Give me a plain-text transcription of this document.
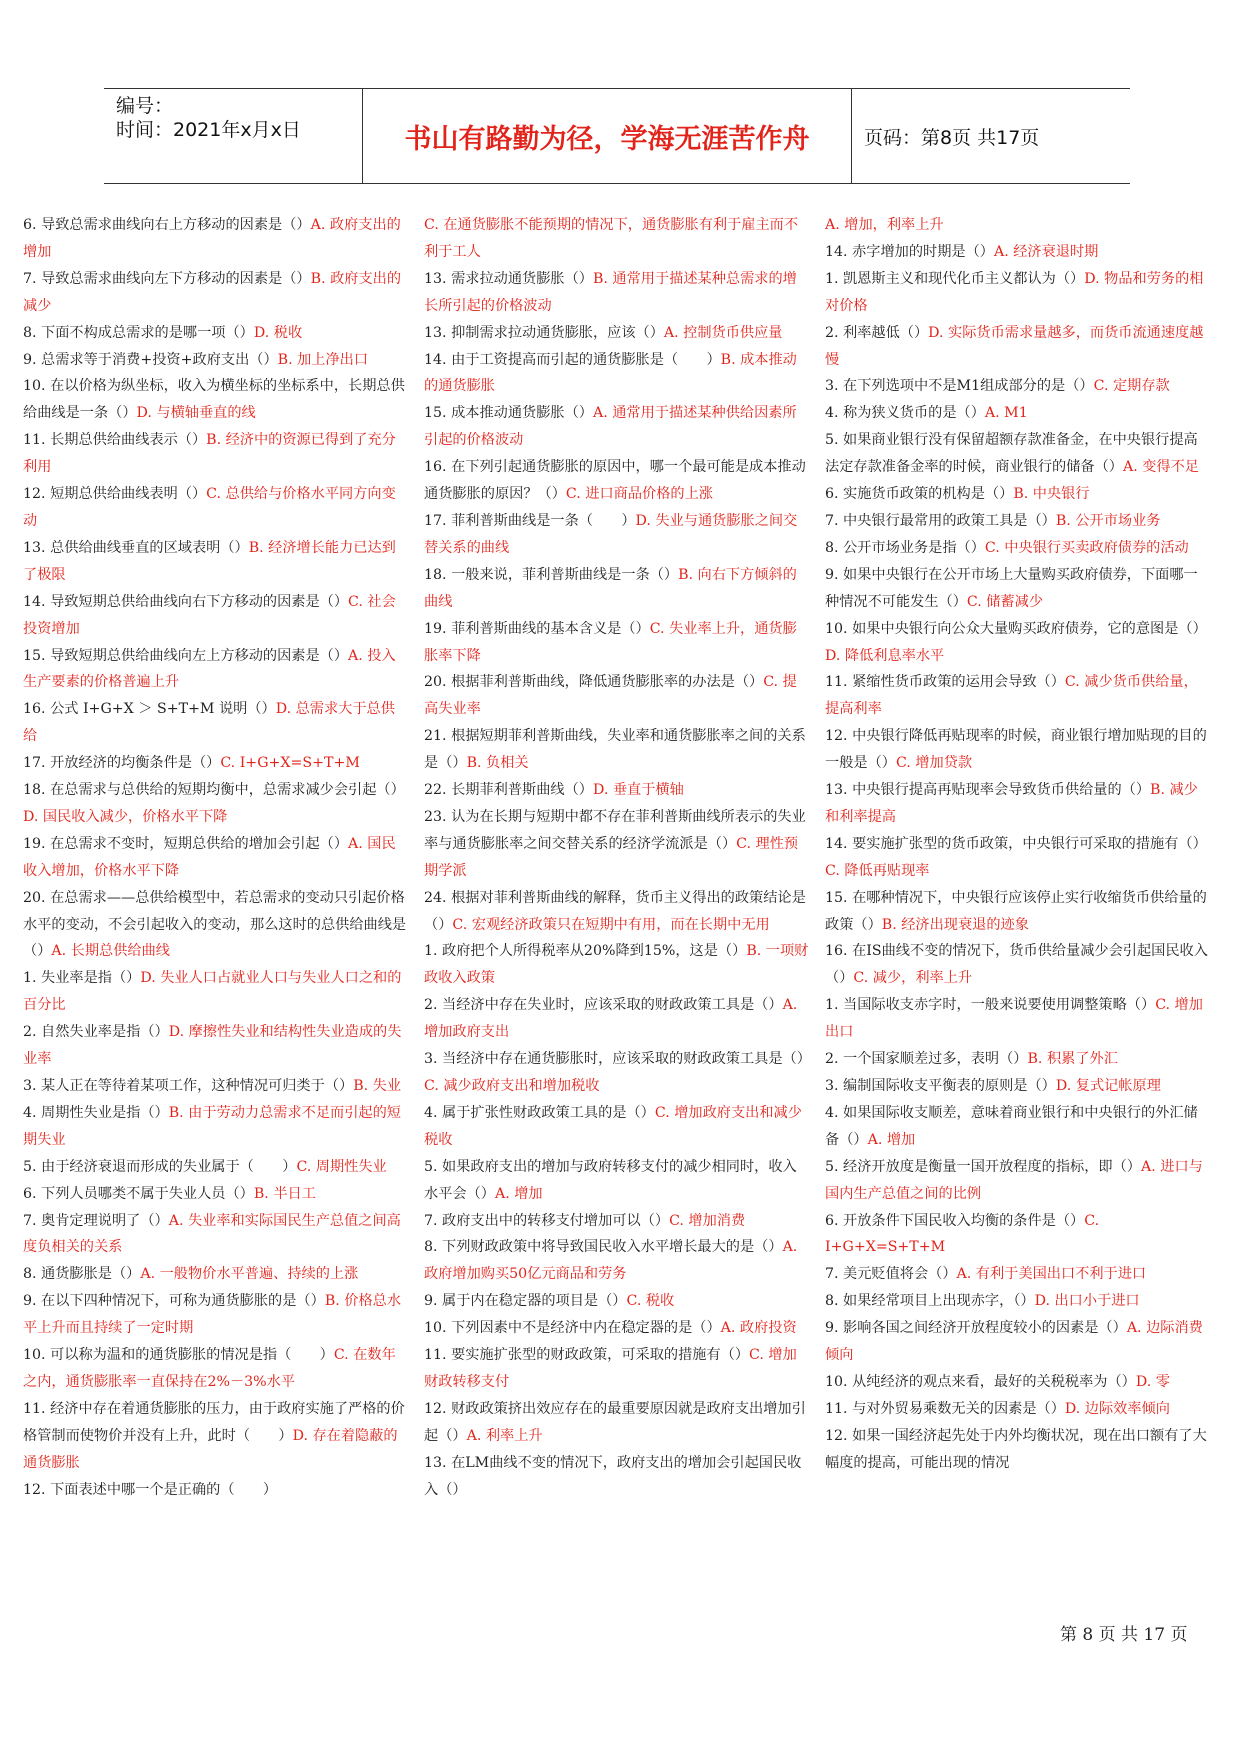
编号：
时间：2021年x月x日	书山有路勤为径，学海无涯苦作舟	页码：第8页 共17页
6. 导致总需求曲线向右上方移动的因素是（）A. 政府支出的增加
7. 导致总需求曲线向左下方移动的因素是（）B. 政府支出的减少
8. 下面不构成总需求的是哪一项（）D. 税收
9. 总需求等于消费+投资+政府支出（）B. 加上净出口
10. 在以价格为纵坐标，收入为横坐标的坐标系中，长期总供给曲线是一条（）D. 与横轴垂直的线
11. 长期总供给曲线表示（）B. 经济中的资源已得到了充分利用
12. 短期总供给曲线表明（）C. 总供给与价格水平同方向变动
13. 总供给曲线垂直的区域表明（）B. 经济增长能力已达到了极限
14. 导致短期总供给曲线向右下方移动的因素是（）C. 社会投资增加
15. 导致短期总供给曲线向左上方移动的因素是（）A. 投入生产要素的价格普遍上升
16. 公式 I+G+X ＞ S+T+M 说明（）D. 总需求大于总供给
17. 开放经济的均衡条件是（）C. I+G+X=S+T+M
18. 在总需求与总供给的短期均衡中，总需求减少会引起（）D. 国民收入减少，价格水平下降
19. 在总需求不变时，短期总供给的增加会引起（）A. 国民收入增加，价格水平下降
20. 在总需求——总供给模型中，若总需求的变动只引起价格水平的变动，不会引起收入的变动，那么这时的总供给曲线是（）A. 长期总供给曲线
1. 失业率是指（）D. 失业人口占就业人口与失业人口之和的百分比
2. 自然失业率是指（）D. 摩擦性失业和结构性失业造成的失业率
3. 某人正在等待着某项工作，这种情况可归类于（）B. 失业
4. 周期性失业是指（）B. 由于劳动力总需求不足而引起的短期失业
5. 由于经济衰退而形成的失业属于（　　）C. 周期性失业
6. 下列人员哪类不属于失业人员（）B. 半日工
7. 奥肯定理说明了（）A. 失业率和实际国民生产总值之间高度负相关的关系
8. 通货膨胀是（）A. 一般物价水平普遍、持续的上涨
9. 在以下四种情况下，可称为通货膨胀的是（）B. 价格总水平上升而且持续了一定时期
10. 可以称为温和的通货膨胀的情况是指（　　）C. 在数年之内，通货膨胀率一直保持在2%－3%水平
11. 经济中存在着通货膨胀的压力，由于政府实施了严格的价格管制而使物价并没有上升，此时（　　）D. 存在着隐蔽的通货膨胀
12. 下面表述中哪一个是正确的（　　）
C. 在通货膨胀不能预期的情况下，通货膨胀有利于雇主而不利于工人
13. 需求拉动通货膨胀（）B. 通常用于描述某种总需求的增长所引起的价格波动
13. 抑制需求拉动通货膨胀，应该（）A. 控制货币供应量
14. 由于工资提高而引起的通货膨胀是（　　）B. 成本推动的通货膨胀
15. 成本推动通货膨胀（）A. 通常用于描述某种供给因素所引起的价格波动
16. 在下列引起通货膨胀的原因中，哪一个最可能是成本推动通货膨胀的原因？（）C. 进口商品价格的上涨
17. 菲利普斯曲线是一条（　　）D. 失业与通货膨胀之间交替关系的曲线
18. 一般来说，菲利普斯曲线是一条（）B. 向右下方倾斜的曲线
19. 菲利普斯曲线的基本含义是（）C. 失业率上升，通货膨胀率下降
20. 根据菲利普斯曲线，降低通货膨胀率的办法是（）C. 提高失业率
21. 根据短期菲利普斯曲线，失业率和通货膨胀率之间的关系是（）B. 负相关
22. 长期菲利普斯曲线（）D. 垂直于横轴
23. 认为在长期与短期中都不存在菲利普斯曲线所表示的失业率与通货膨胀率之间交替关系的经济学流派是（）C. 理性预期学派
24. 根据对菲利普斯曲线的解释，货币主义得出的政策结论是（）C. 宏观经济政策只在短期中有用，而在长期中无用
1. 政府把个人所得税率从20%降到15%，这是（）B. 一项财政收入政策
2. 当经济中存在失业时，应该采取的财政政策工具是（）A. 增加政府支出
3. 当经济中存在通货膨胀时，应该采取的财政政策工具是（）C. 减少政府支出和增加税收
4. 属于扩张性财政政策工具的是（）C. 增加政府支出和减少税收
5. 如果政府支出的增加与政府转移支付的减少相同时，收入水平会（）A. 增加
7. 政府支出中的转移支付增加可以（）C. 增加消费
8. 下列财政政策中将导致国民收入水平增长最大的是（）A. 政府增加购买50亿元商品和劳务
9. 属于内在稳定器的项目是（）C. 税收
10. 下列因素中不是经济中内在稳定器的是（）A. 政府投资
11. 要实施扩张型的财政政策，可采取的措施有（）C. 增加财政转移支付
12. 财政政策挤出效应存在的最重要原因就是政府支出增加引起（）A. 利率上升
13. 在LM曲线不变的情况下，政府支出的增加会引起国民收入（）
A. 增加，利率上升
14. 赤字增加的时期是（）A. 经济衰退时期
1. 凯恩斯主义和现代化币主义都认为（）D. 物品和劳务的相对价格
2. 利率越低（）D. 实际货币需求量越多，而货币流通速度越慢
3. 在下列选项中不是M1组成部分的是（）C. 定期存款
4. 称为狭义货币的是（）A. M1
5. 如果商业银行没有保留超额存款准备金，在中央银行提高法定存款准备金率的时候，商业银行的储备（）A. 变得不足
6. 实施货币政策的机构是（）B. 中央银行
7. 中央银行最常用的政策工具是（）B. 公开市场业务
8. 公开市场业务是指（）C. 中央银行买卖政府债券的活动
9. 如果中央银行在公开市场上大量购买政府债券，下面哪一种情况不可能发生（）C. 储蓄减少
10. 如果中央银行向公众大量购买政府债券，它的意图是（）D. 降低利息率水平
11. 紧缩性货币政策的运用会导致（）C. 减少货币供给量，提高利率
12. 中央银行降低再贴现率的时候，商业银行增加贴现的目的一般是（）C. 增加贷款
13. 中央银行提高再贴现率会导致货币供给量的（）B. 减少和利率提高
14. 要实施扩张型的货币政策，中央银行可采取的措施有（）C. 降低再贴现率
15. 在哪种情况下，中央银行应该停止实行收缩货币供给量的政策（）B. 经济出现衰退的迹象
16. 在IS曲线不变的情况下，货币供给量减少会引起国民收入（）C. 减少，利率上升
1. 当国际收支赤字时，一般来说要使用调整策略（）C. 增加出口
2. 一个国家顺差过多，表明（）B. 积累了外汇
3. 编制国际收支平衡表的原则是（）D. 复式记帐原理
4. 如果国际收支顺差，意味着商业银行和中央银行的外汇储备（）A. 增加
5. 经济开放度是衡量一国开放程度的指标，即（）A. 进口与国内生产总值之间的比例
6. 开放条件下国民收入均衡的条件是（）C. I+G+X=S+T+M
7. 美元贬值将会（）A. 有利于美国出口不利于进口
8. 如果经常项目上出现赤字，（）D. 出口小于进口
9. 影响各国之间经济开放程度较小的因素是（）A. 边际消费倾向
10. 从纯经济的观点来看，最好的关税税率为（）D. 零
11. 与对外贸易乘数无关的因素是（）D. 边际效率倾向
12. 如果一国经济起先处于内外均衡状况，现在出口额有了大幅度的提高，可能出现的情况
第 8 页 共 17 页
